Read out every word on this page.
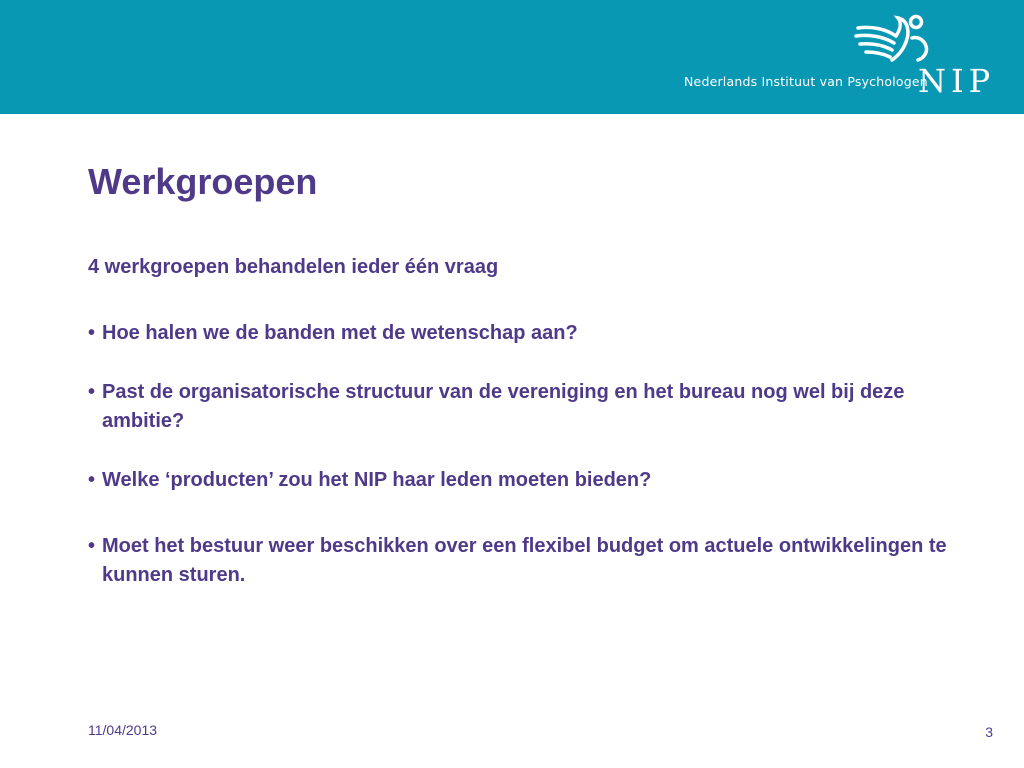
Nederlands Instituut van Psychologen
NIP
Werkgroepen
4 werkgroepen behandelen ieder één vraag
• Hoe halen we de banden met de wetenschap aan?
• Past de organisatorische structuur van de vereniging en het bureau nog wel bij deze ambitie?
• Welke ‘producten’ zou het NIP haar leden moeten bieden?
• Moet het bestuur weer beschikken over een flexibel budget om actuele ontwikkelingen te kunnen sturen.
11/04/2013	3
